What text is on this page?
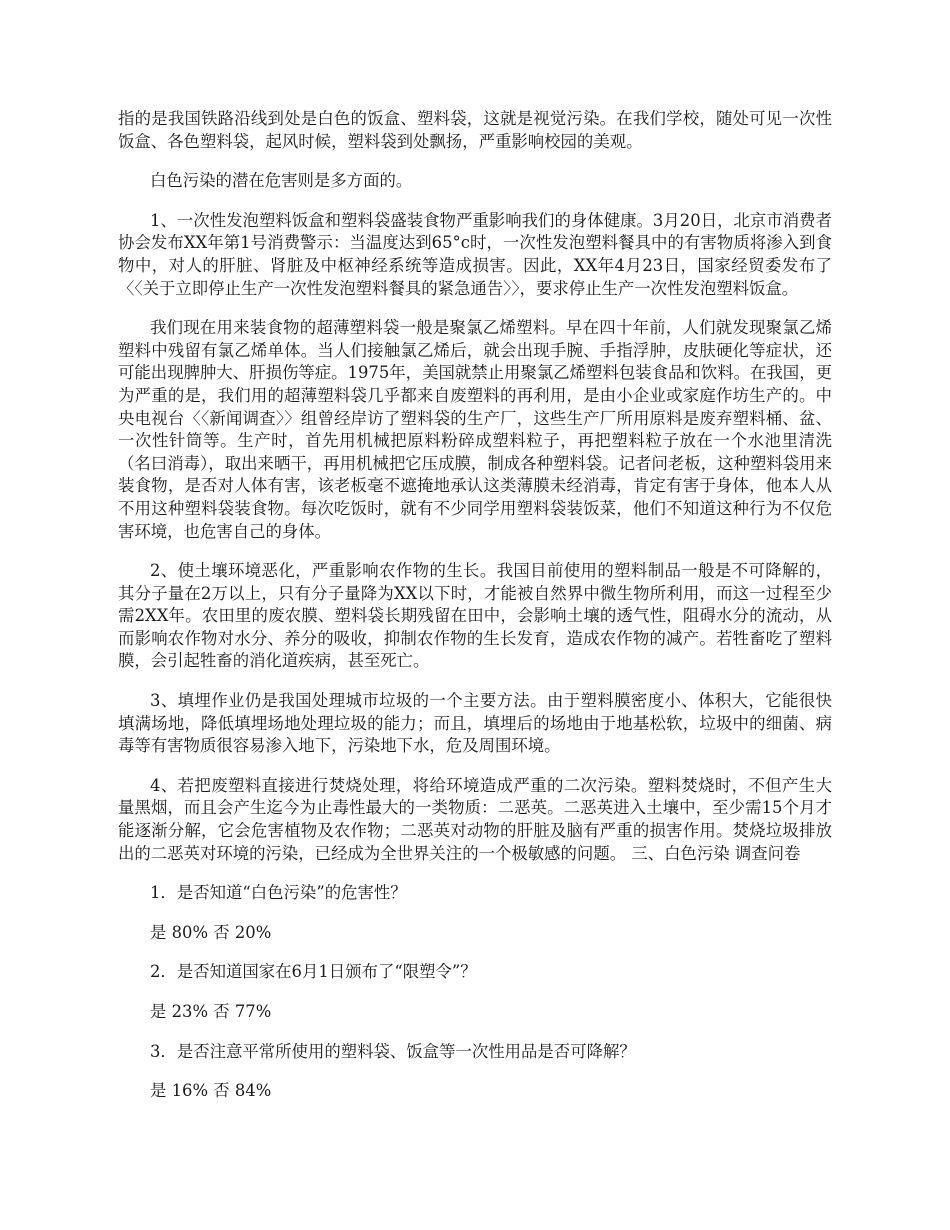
指的是我国铁路沿线到处是白色的饭盒、塑料袋，这就是视觉污染。在我们学校，随处可见一次性饭盒、各色塑料袋，起风时候，塑料袋到处飘扬，严重影响校园的美观。

白色污染的潜在危害则是多方面的。

1、一次性发泡塑料饭盒和塑料袋盛装食物严重影响我们的身体健康。3月20日，北京市消费者协会发布XX年第1号消费警示：当温度达到65°c时，一次性发泡塑料餐具中的有害物质将渗入到食物中，对人的肝脏、肾脏及中枢神经系统等造成损害。因此，XX年4月23日，国家经贸委发布了〈〈关于立即停止生产一次性发泡塑料餐具的紧急通告〉〉，要求停止生产一次性发泡塑料饭盒。

我们现在用来装食物的超薄塑料袋一般是聚氯乙烯塑料。早在四十年前，人们就发现聚氯乙烯塑料中残留有氯乙烯单体。当人们接触氯乙烯后，就会出现手腕、手指浮肿，皮肤硬化等症状，还可能出现脾肿大、肝损伤等症。1975年，美国就禁止用聚氯乙烯塑料包装食品和饮料。在我国，更为严重的是，我们用的超薄塑料袋几乎都来自废塑料的再利用，是由小企业或家庭作坊生产的。中央电视台〈〈新闻调查〉〉组曾经岸访了塑料袋的生产厂，这些生产厂所用原料是废弃塑料桶、盆、一次性针筒等。生产时，首先用机械把原料粉碎成塑料粒子，再把塑料粒子放在一个水池里清洗（名曰消毒），取出来晒干，再用机械把它压成膜，制成各种塑料袋。记者问老板，这种塑料袋用来装食物，是否对人体有害，该老板毫不遮掩地承认这类薄膜未经消毒，肯定有害于身体，他本人从不用这种塑料袋装食物。每次吃饭时，就有不少同学用塑料袋装饭菜，他们不知道这种行为不仅危害环境，也危害自己的身体。

2、使土壤环境恶化，严重影响农作物的生长。我国目前使用的塑料制品一般是不可降解的，其分子量在2万以上，只有分子量降为XX以下时，才能被自然界中微生物所利用，而这一过程至少需2XX年。农田里的废农膜、塑料袋长期残留在田中，会影响土壤的透气性，阻碍水分的流动，从而影响农作物对水分、养分的吸收，抑制农作物的生长发育，造成农作物的减产。若牲畜吃了塑料膜，会引起牲畜的消化道疾病，甚至死亡。

3、填埋作业仍是我国处理城市垃圾的一个主要方法。由于塑料膜密度小、体积大，它能很快填满场地，降低填埋场地处理垃圾的能力；而且，填埋后的场地由于地基松软，垃圾中的细菌、病毒等有害物质很容易渗入地下，污染地下水，危及周围环境。

4、若把废塑料直接进行焚烧处理，将给环境造成严重的二次污染。塑料焚烧时，不但产生大量黑烟，而且会产生迄今为止毒性最大的一类物质：二恶英。二恶英进入土壤中，至少需15个月才能逐渐分解，它会危害植物及农作物；二恶英对动物的肝脏及脑有严重的损害作用。焚烧垃圾排放出的二恶英对环境的污染，已经成为全世界关注的一个极敏感的问题。 三、白色污染 调查问卷

1．是否知道“白色污染”的危害性？

是 80% 否 20%

2．是否知道国家在6月1日颁布了“限塑令”？

是 23% 否 77%

3．是否注意平常所使用的塑料袋、饭盒等一次性用品是否可降解？

是 16% 否 84%
